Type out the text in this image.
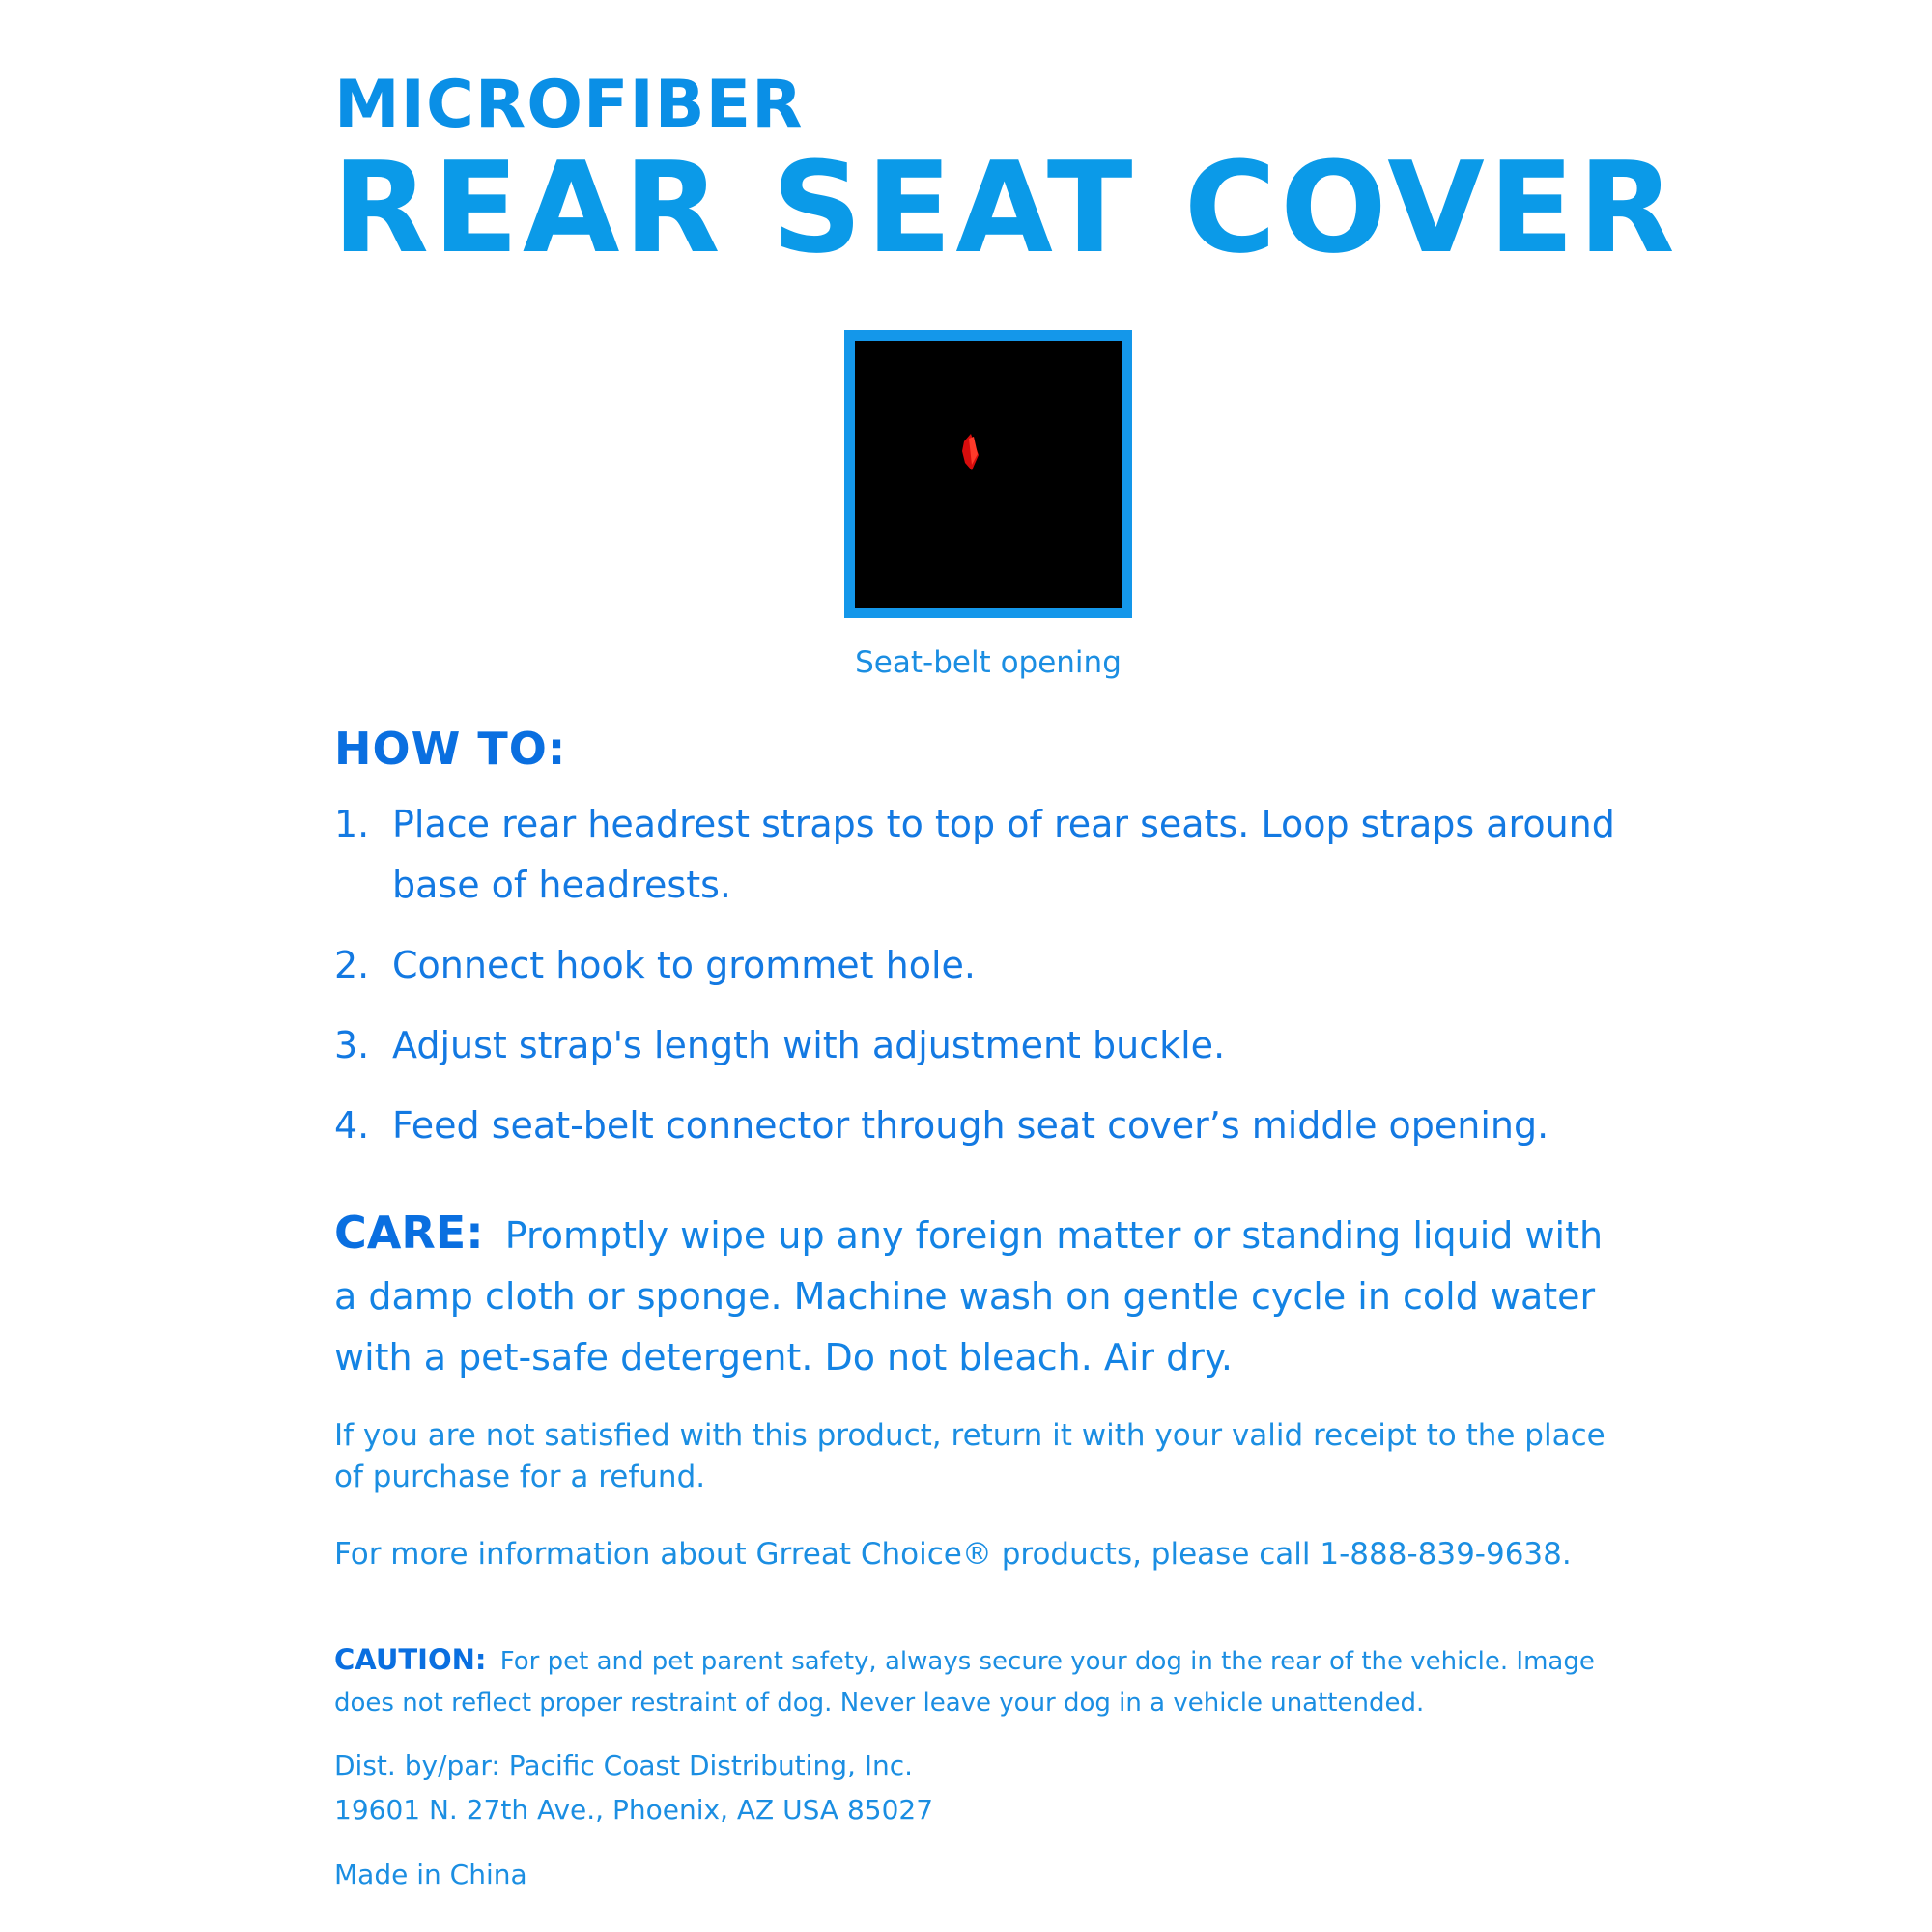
MICROFIBER
REAR SEAT COVER
Seat-belt opening
HOW TO:
1. Place rear headrest straps to top of rear seats. Loop straps around base of headrests.
2. Connect hook to grommet hole.
3. Adjust strap's length with adjustment buckle.
4. Feed seat-belt connector through seat cover’s middle opening.
CARE: Promptly wipe up any foreign matter or standing liquid with a damp cloth or sponge. Machine wash on gentle cycle in cold water with a pet-safe detergent. Do not bleach. Air dry.
If you are not satisfied with this product, return it with your valid receipt to the place of purchase for a refund.
For more information about Grreat Choice® products, please call 1-888-839-9638.
CAUTION: For pet and pet parent safety, always secure your dog in the rear of the vehicle. Image does not reflect proper restraint of dog. Never leave your dog in a vehicle unattended.
Dist. by/par: Pacific Coast Distributing, Inc.
19601 N. 27th Ave., Phoenix, AZ USA 85027
Made in China
